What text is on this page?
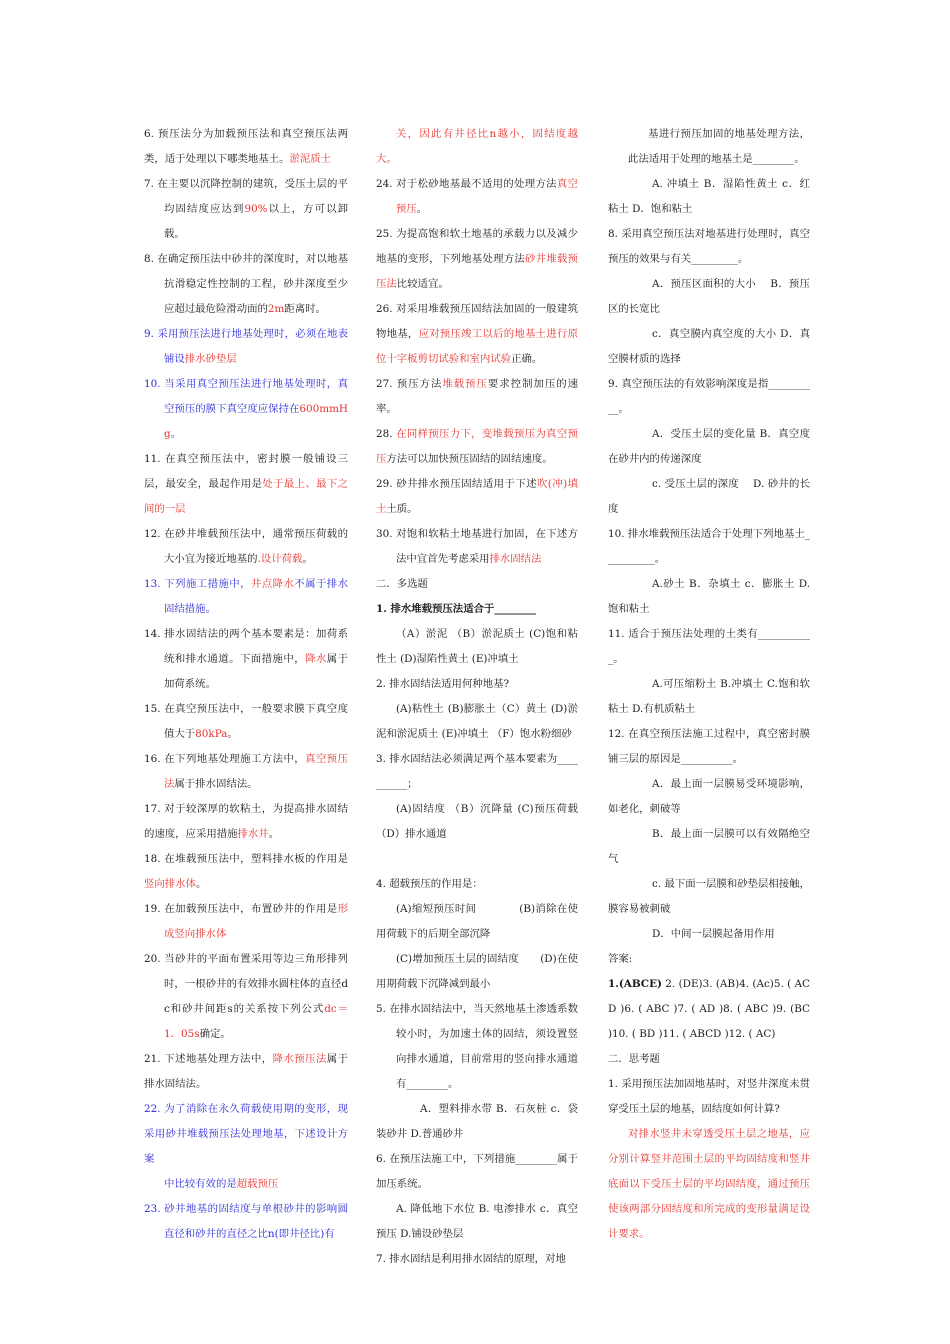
6. 预压法分为加载预压法和真空预压法两类，适于处理以下哪类地基土。淤泥质土

7. 在主要以沉降控制的建筑，受压土层的平均固结度应达到90%以上，方可以卸载。

8. 在确定预压法中砂井的深度时，对以地基抗滑稳定性控制的工程，砂井深度至少应超过最危险滑动面的2m距离时。

9. 采用预压法进行地基处理时，必须在地表铺设排水砂垫层

10. 当采用真空预压法进行地基处理时，真空预压的膜下真空度应保持在600mmHg。

11. 在真空预压法中，密封膜一般铺设三层，最安全，最起作用是处于最上、最下之间的一层

12. 在砂井堆载预压法中，通常预压荷载的大小宜为接近地基的.设计荷载。

13. 下列施工措施中，井点降水不属于排水固结措施。

14. 排水固结法的两个基本要素是：加荷系统和排水通道。下面措施中，降水属于加荷系统。

15. 在真空预压法中，一般要求膜下真空度值大于80kPa。

16. 在下列地基处理施工方法中，真空预压法属于排水固结法。

17. 对于较深厚的软粘土，为提高排水固结的速度，应采用措施排水井。

18. 在堆载预压法中，塑料排水板的作用是竖向排水体。

19. 在加载预压法中，布置砂井的作用是形成竖向排水体

20. 当砂井的平面布置采用等边三角形排列时，一根砂井的有效排水圆柱体的直径dc和砂井间距s的关系按下列公式dc＝1．05s确定。

21. 下述地基处理方法中，降水预压法属于排水固结法。

22. 为了消除在永久荷载使用期的变形，现采用砂井堆载预压法处理地基，下述设计方案

中比较有效的是超载预压

23. 砂井地基的固结度与单根砂井的影响圆直径和砂井的直径之比n(即井径比)有

关，因此有井径比n越小，固结度越大。

24. 对于松砂地基最不适用的处理方法真空预压。

25. 为提高饱和软土地基的承载力以及减少地基的变形，下列地基处理方法砂井堆载预压法比较适宜。

26. 对采用堆载预压固结法加固的一般建筑物地基，应对预压竣工以后的地基土进行原位十字板剪切试验和室内试验正确。

27. 预压方法堆载预压要求控制加压的速率。

28. 在同样预压力下，变堆载预压为真空预压方法可以加快预压固结的固结速度。

29. 砂井排水预压固结适用于下述吹(冲)填土土质。

30. 对饱和软粘土地基进行加固，在下述方法中宜首先考虑采用排水固结法

二．多选题

1. 排水堆载预压法适合于________

（A）淤泥 （B）淤泥质土 (C)饱和粘性土 (D)湿陷性黄土 (E)冲填土

2. 排水固结法适用何种地基?

(A)粘性土 (B)膨胀土（C）黄土 (D)淤泥和淤泥质土 (E)冲填土 （F）饱水粉细砂

3. 排水固结法必须满足两个基本要素为__________；

(A)固结度 （B）沉降量 (C)预压荷载 （D）排水通道

4. 超载预压的作用是：

(A)缩短预压时间　　　　(B)消除在使用荷载下的后期全部沉降

(C)增加预压土层的固结度　　(D)在使用期荷载下沉降减到最小

5. 在排水固结法中，当天然地基土渗透系数较小时，为加速土体的固结，须设置竖向排水通道，目前常用的竖向排水通道有________。

A．塑料排水带 B．石灰桩 c．袋装砂井 D.普通砂井

6. 在预压法施工中，下列措施________属于加压系统。

A. 降低地下水位 B. 电渗排水 c．真空预压 D.铺设砂垫层

7. 排水固结是利用排水固结的原理，对地

基进行预压加固的地基处理方法，此法适用于处理的地基土是________。

A. 冲填土 B．湿陷性黄土 c．红粘土 D．饱和粘土

8. 采用真空预压法对地基进行处理时，真空预压的效果与有关_________。

A．预压区面积的大小　 B．预压区的长宽比

c．真空膜内真空度的大小 D．真空膜材质的选择

9. 真空预压法的有效影响深度是指__________。

A．受压土层的变化量 B．真空度在砂井内的传递深度

c. 受压土层的深度　 D. 砂井的长度

10. 排水堆载预压法适合于处理下列地基土__________。

A.砂土 B．杂填土 c．膨胀土 D.饱和粘土

11. 适合于预压法处理的土类有___________。

A.可压缩粉土 B.冲填土 C.饱和软粘土 D.有机质粘土

12. 在真空预压法施工过程中，真空密封膜铺三层的原因是__________。

A．最上面一层膜易受环境影响，如老化，刺破等

B．最上面一层膜可以有效隔绝空气

c. 最下面一层膜和砂垫层相接触，膜容易被刺破

D．中间一层膜起备用作用

答案:

1.(ABCE) 2. (DE)3. (AB)4. (Ac)5. ( ACD )6. ( ABC )7. ( AD )8. ( ABC )9. (BC )10. ( BD )11. ( ABCD )12. ( AC)

二．思考题

1. 采用预压法加固地基时，对竖井深度未贯穿受压土层的地基，固结度如何计算?

对排水竖井未穿透受压土层之地基，应分别计算竖井范围土层的平均固结度和竖井底面以下受压土层的平均固结度，通过预压使该两部分固结度和所完成的变形量满足设计要求。
